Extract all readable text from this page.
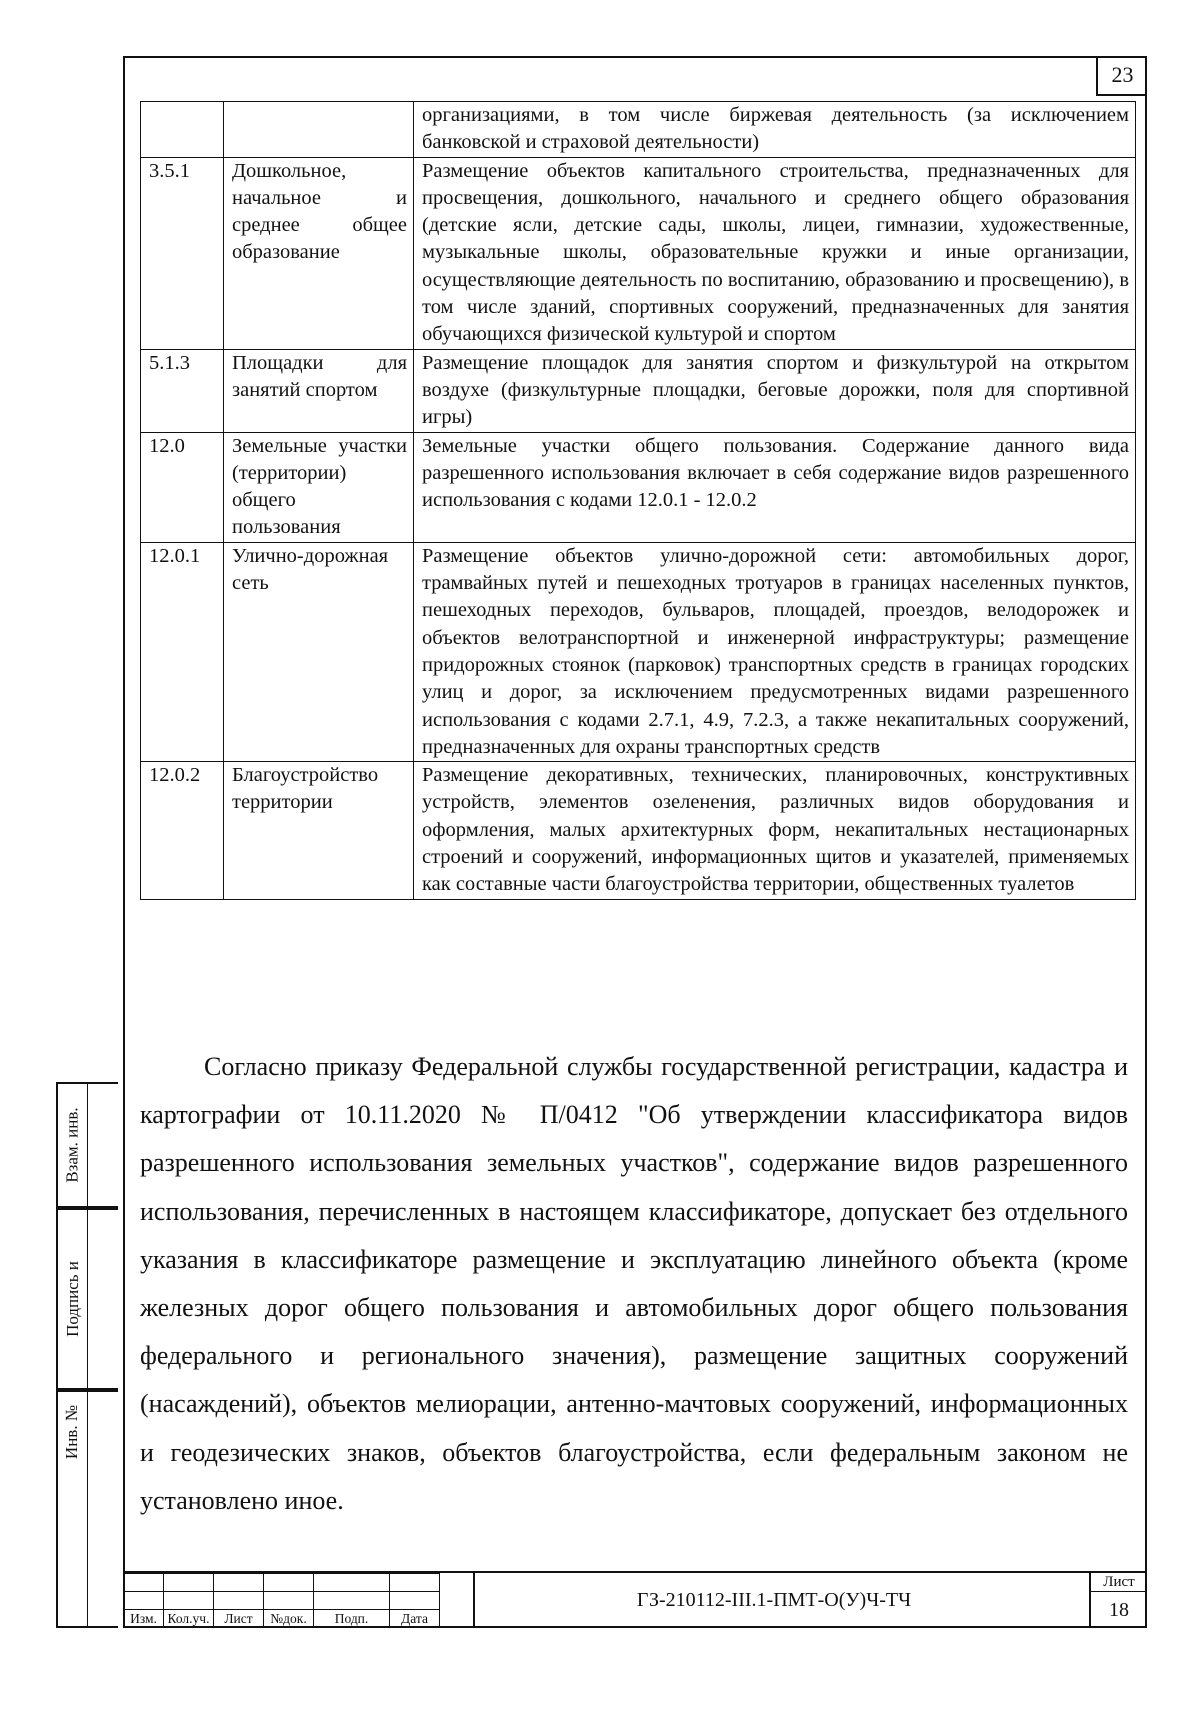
23
		организациями, в том числе биржевая деятельность (за исключением банковской и страховой деятельности)
3.5.1	Дошкольное, начальное и среднее общее образование	Размещение объектов капитального строительства, предназначенных для просвещения, дошкольного, начального и среднего общего образования (детские ясли, детские сады, школы, лицеи, гимназии, художественные, музыкальные школы, образовательные кружки и иные организации, осуществляющие деятельность по воспитанию, образованию и просвещению), в том числе зданий, спортивных сооружений, предназначенных для занятия обучающихся физической культурой и спортом
5.1.3	Площадки для занятий спортом	Размещение площадок для занятия спортом и физкультурой на открытом воздухе (физкультурные площадки, беговые дорожки, поля для спортивной игры)
12.0	Земельные участки (территории) общего пользования	Земельные участки общего пользования. Содержание данного вида разрешенного использования включает в себя содержание видов разрешенного использования с кодами 12.0.1 - 12.0.2
12.0.1	Улично-дорожная сеть	Размещение объектов улично-дорожной сети: автомобильных дорог, трамвайных путей и пешеходных тротуаров в границах населенных пунктов, пешеходных переходов, бульваров, площадей, проездов, велодорожек и объектов велотранспортной и инженерной инфраструктуры; размещение придорожных стоянок (парковок) транспортных средств в границах городских улиц и дорог, за исключением предусмотренных видами разрешенного использования с кодами 2.7.1, 4.9, 7.2.3, а также некапитальных сооружений, предназначенных для охраны транспортных средств
12.0.2	Благоустройство территории	Размещение декоративных, технических, планировочных, конструктивных устройств, элементов озеленения, различных видов оборудования и оформления, малых архитектурных форм, некапитальных нестационарных строений и сооружений, информационных щитов и указателей, применяемых как составные части благоустройства территории, общественных туалетов

Согласно приказу Федеральной службы государственной регистрации, кадастра и картографии от 10.11.2020 № П/0412 "Об утверждении классификатора видов разрешенного использования земельных участков", содержание видов разрешенного использования, перечисленных в настоящем классификаторе, допускает без отдельного указания в классификаторе размещение и эксплуатацию линейного объекта (кроме железных дорог общего пользования и автомобильных дорог общего пользования федерального и регионального значения), размещение защитных сооружений (насаждений), объектов мелиорации, антенно-мачтовых сооружений, информационных и геодезических знаков, объектов благоустройства, если федеральным законом не установлено иное.

Взам. инв.
Подпись и
Инв. №

Изм.	Кол.уч.	Лист	№док.	Подп.	Дата
ГЗ-210112-III.1-ПМТ-О(У)Ч-ТЧ
Лист
18
